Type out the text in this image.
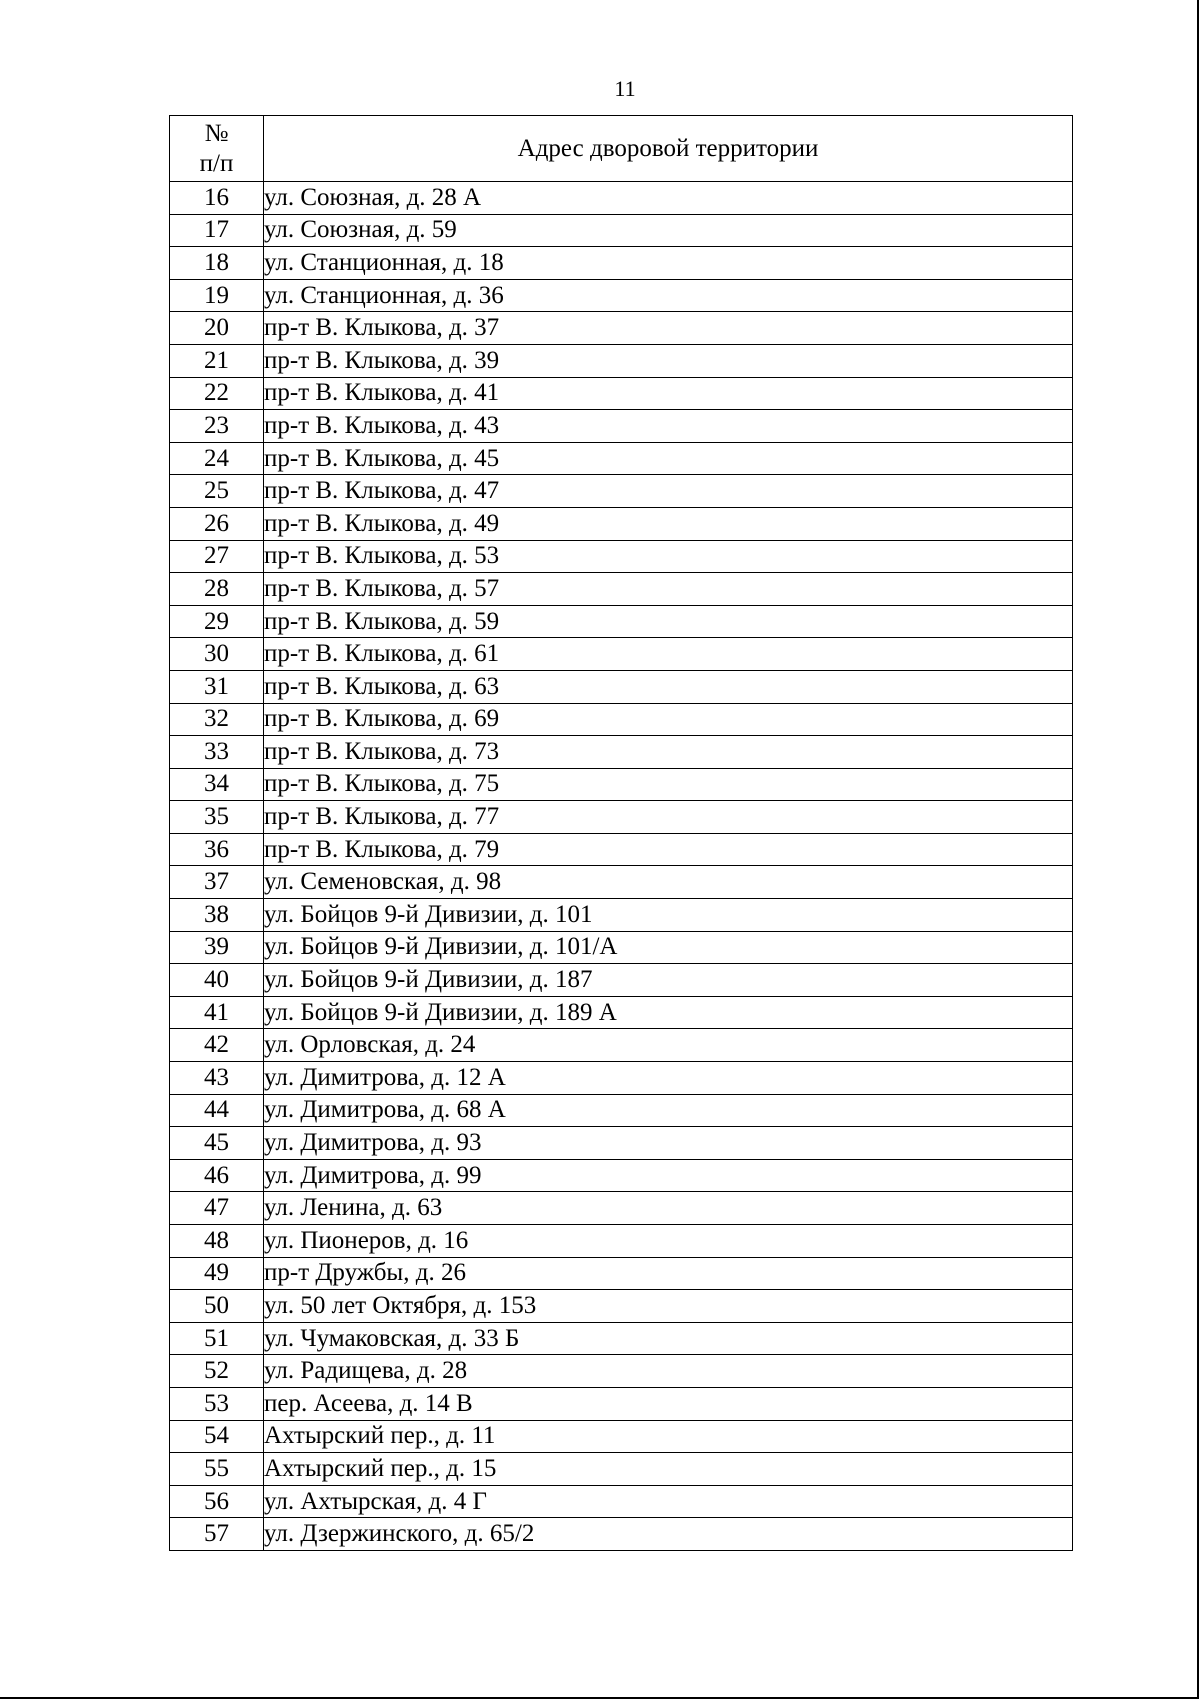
11
№
п/п	Адрес дворовой территории
16	ул. Союзная, д. 28 А
17	ул. Союзная, д. 59
18	ул. Станционная, д. 18
19	ул. Станционная, д. 36
20	пр-т В. Клыкова, д. 37
21	пр-т В. Клыкова, д. 39
22	пр-т В. Клыкова, д. 41
23	пр-т В. Клыкова, д. 43
24	пр-т В. Клыкова, д. 45
25	пр-т В. Клыкова, д. 47
26	пр-т В. Клыкова, д. 49
27	пр-т В. Клыкова, д. 53
28	пр-т В. Клыкова, д. 57
29	пр-т В. Клыкова, д. 59
30	пр-т В. Клыкова, д. 61
31	пр-т В. Клыкова, д. 63
32	пр-т В. Клыкова, д. 69
33	пр-т В. Клыкова, д. 73
34	пр-т В. Клыкова, д. 75
35	пр-т В. Клыкова, д. 77
36	пр-т В. Клыкова, д. 79
37	ул. Семеновская, д. 98
38	ул. Бойцов 9-й Дивизии, д. 101
39	ул. Бойцов 9-й Дивизии, д. 101/А
40	ул. Бойцов 9-й Дивизии, д. 187
41	ул. Бойцов 9-й Дивизии, д. 189 А
42	ул. Орловская, д. 24
43	ул. Димитрова, д. 12 А
44	ул. Димитрова, д. 68 А
45	ул. Димитрова, д. 93
46	ул. Димитрова, д. 99
47	ул. Ленина, д. 63
48	ул. Пионеров, д. 16
49	пр-т Дружбы, д. 26
50	ул. 50 лет Октября, д. 153
51	ул. Чумаковская, д. 33 Б
52	ул. Радищева, д. 28
53	пер. Асеева, д. 14 В
54	Ахтырский пер., д. 11
55	Ахтырский пер., д. 15
56	ул. Ахтырская, д. 4 Г
57	ул. Дзержинского, д. 65/2
